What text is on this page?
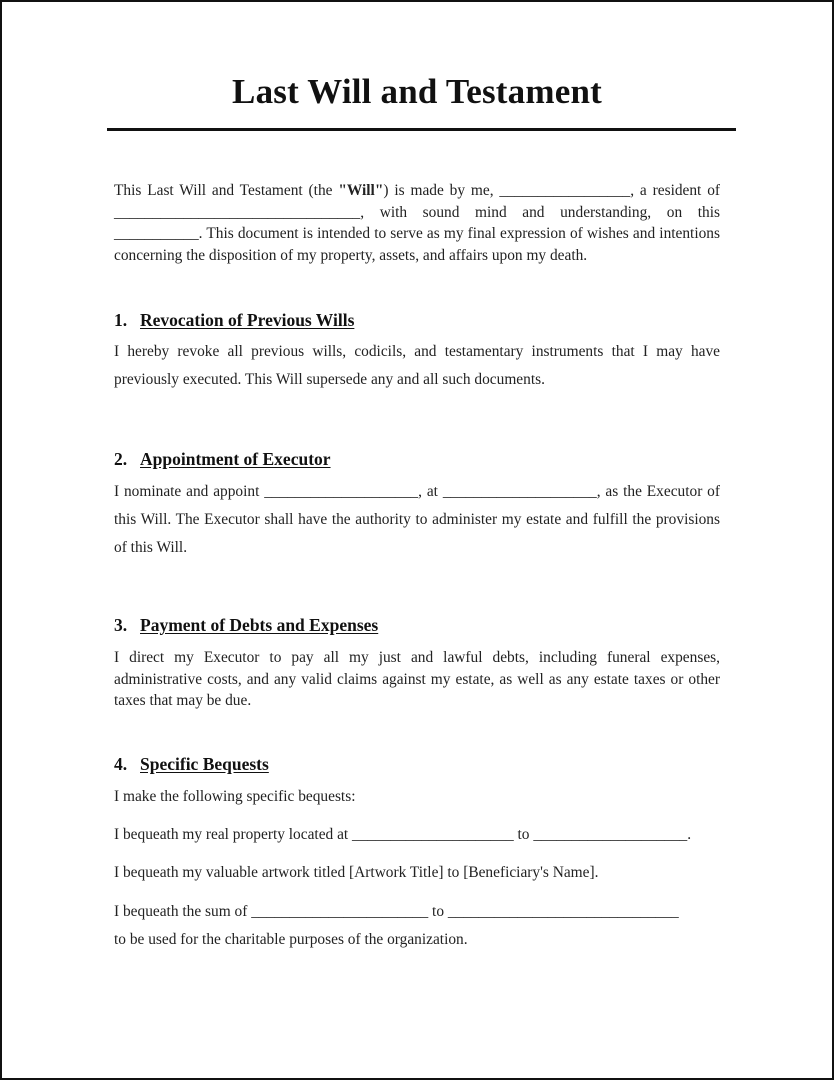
Last Will and Testament
This Last Will and Testament (the "Will") is made by me, _________________, a resident of ________________________________, with sound mind and understanding, on this ___________. This document is intended to serve as my final expression of wishes and intentions concerning the disposition of my property, assets, and affairs upon my death.
1. Revocation of Previous Wills
I hereby revoke all previous wills, codicils, and testamentary instruments that I may have previously executed. This Will supersede any and all such documents.
2. Appointment of Executor
I nominate and appoint ____________________, at ____________________, as the Executor of this Will. The Executor shall have the authority to administer my estate and fulfill the provisions of this Will.
3. Payment of Debts and Expenses
I direct my Executor to pay all my just and lawful debts, including funeral expenses, administrative costs, and any valid claims against my estate, as well as any estate taxes or other taxes that may be due.
4. Specific Bequests
I make the following specific bequests:
I bequeath my real property located at _____________________ to ____________________.
I bequeath my valuable artwork titled [Artwork Title] to [Beneficiary's Name].
I bequeath the sum of _______________________ to ______________________________
to be used for the charitable purposes of the organization.
